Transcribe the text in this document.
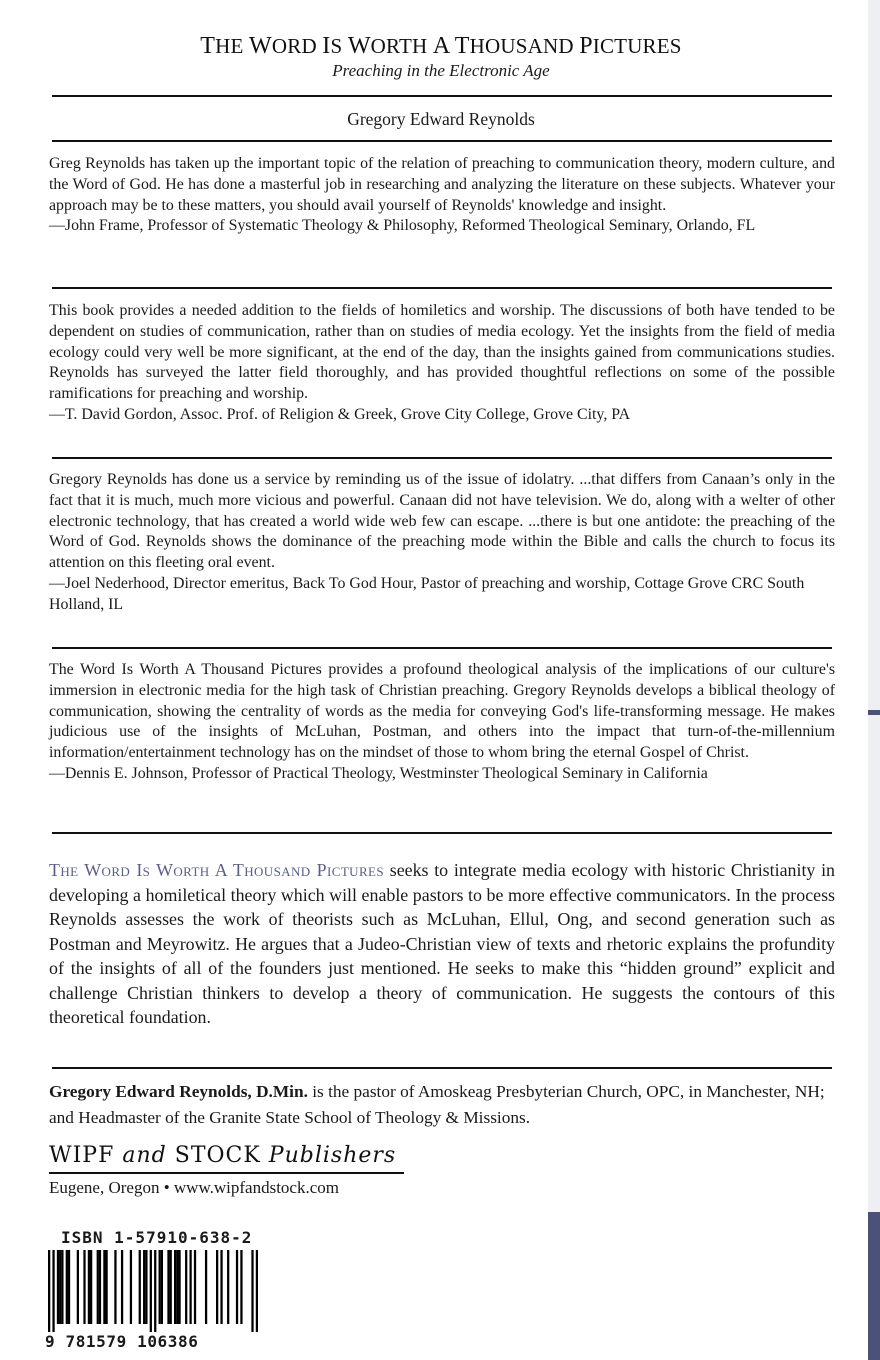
THE WORD IS WORTH A THOUSAND PICTURES
Preaching in the Electronic Age
Gregory Edward Reynolds

Greg Reynolds has taken up the important topic of the relation of preaching to communication theory, modern culture, and the Word of God. He has done a masterful job in researching and analyzing the literature on these subjects. Whatever your approach may be to these matters, you should avail yourself of Reynolds' knowledge and insight.

—John Frame, Professor of Systematic Theology & Philosophy, Reformed Theological Seminary, Orlando, FL

This book provides a needed addition to the fields of homiletics and worship. The discussions of both have tended to be dependent on studies of communication, rather than on studies of media ecology. Yet the insights from the field of media ecology could very well be more significant, at the end of the day, than the insights gained from communications studies. Reynolds has surveyed the latter field thoroughly, and has provided thoughtful reflections on some of the possible ramifications for preaching and worship.

—T. David Gordon, Assoc. Prof. of Religion & Greek, Grove City College, Grove City, PA

Gregory Reynolds has done us a service by reminding us of the issue of idolatry. ...that differs from Canaan’s only in the fact that it is much, much more vicious and powerful. Canaan did not have television. We do, along with a welter of other electronic technology, that has created a world wide web few can escape. ...there is but one antidote: the preaching of the Word of God. Reynolds shows the dominance of the preaching mode within the Bible and calls the church to focus its attention on this fleeting oral event.

—Joel Nederhood, Director emeritus, Back To God Hour, Pastor of preaching and worship, Cottage Grove CRC South Holland, IL

The Word Is Worth A Thousand Pictures provides a profound theological analysis of the implications of our culture's immersion in electronic media for the high task of Christian preaching. Gregory Reynolds develops a biblical theology of communication, showing the centrality of words as the media for conveying God's life-transforming message. He makes judicious use of the insights of McLuhan, Postman, and others into the impact that turn-of-the-millennium information/entertainment technology has on the mindset of those to whom bring the eternal Gospel of Christ.

—Dennis E. Johnson, Professor of Practical Theology, Westminster Theological Seminary in California

The Word Is Worth A Thousand Pictures seeks to integrate media ecology with historic Christianity in developing a homiletical theory which will enable pastors to be more effective communicators. In the process Reynolds assesses the work of theorists such as McLuhan, Ellul, Ong, and second generation such as Postman and Meyrowitz. He argues that a Judeo-Christian view of texts and rhetoric explains the profundity of the insights of all of the founders just mentioned. He seeks to make this “hidden ground” explicit and challenge Christian thinkers to develop a theory of communication. He suggests the contours of this theoretical foundation.

Gregory Edward Reynolds, D.Min. is the pastor of Amoskeag Presbyterian Church, OPC, in Manchester, NH; and Headmaster of the Granite State School of Theology & Missions.

WIPF and STOCK Publishers
Eugene, Oregon • www.wipfandstock.com
ISBN 1-57910-638-2
9 781579 106386
